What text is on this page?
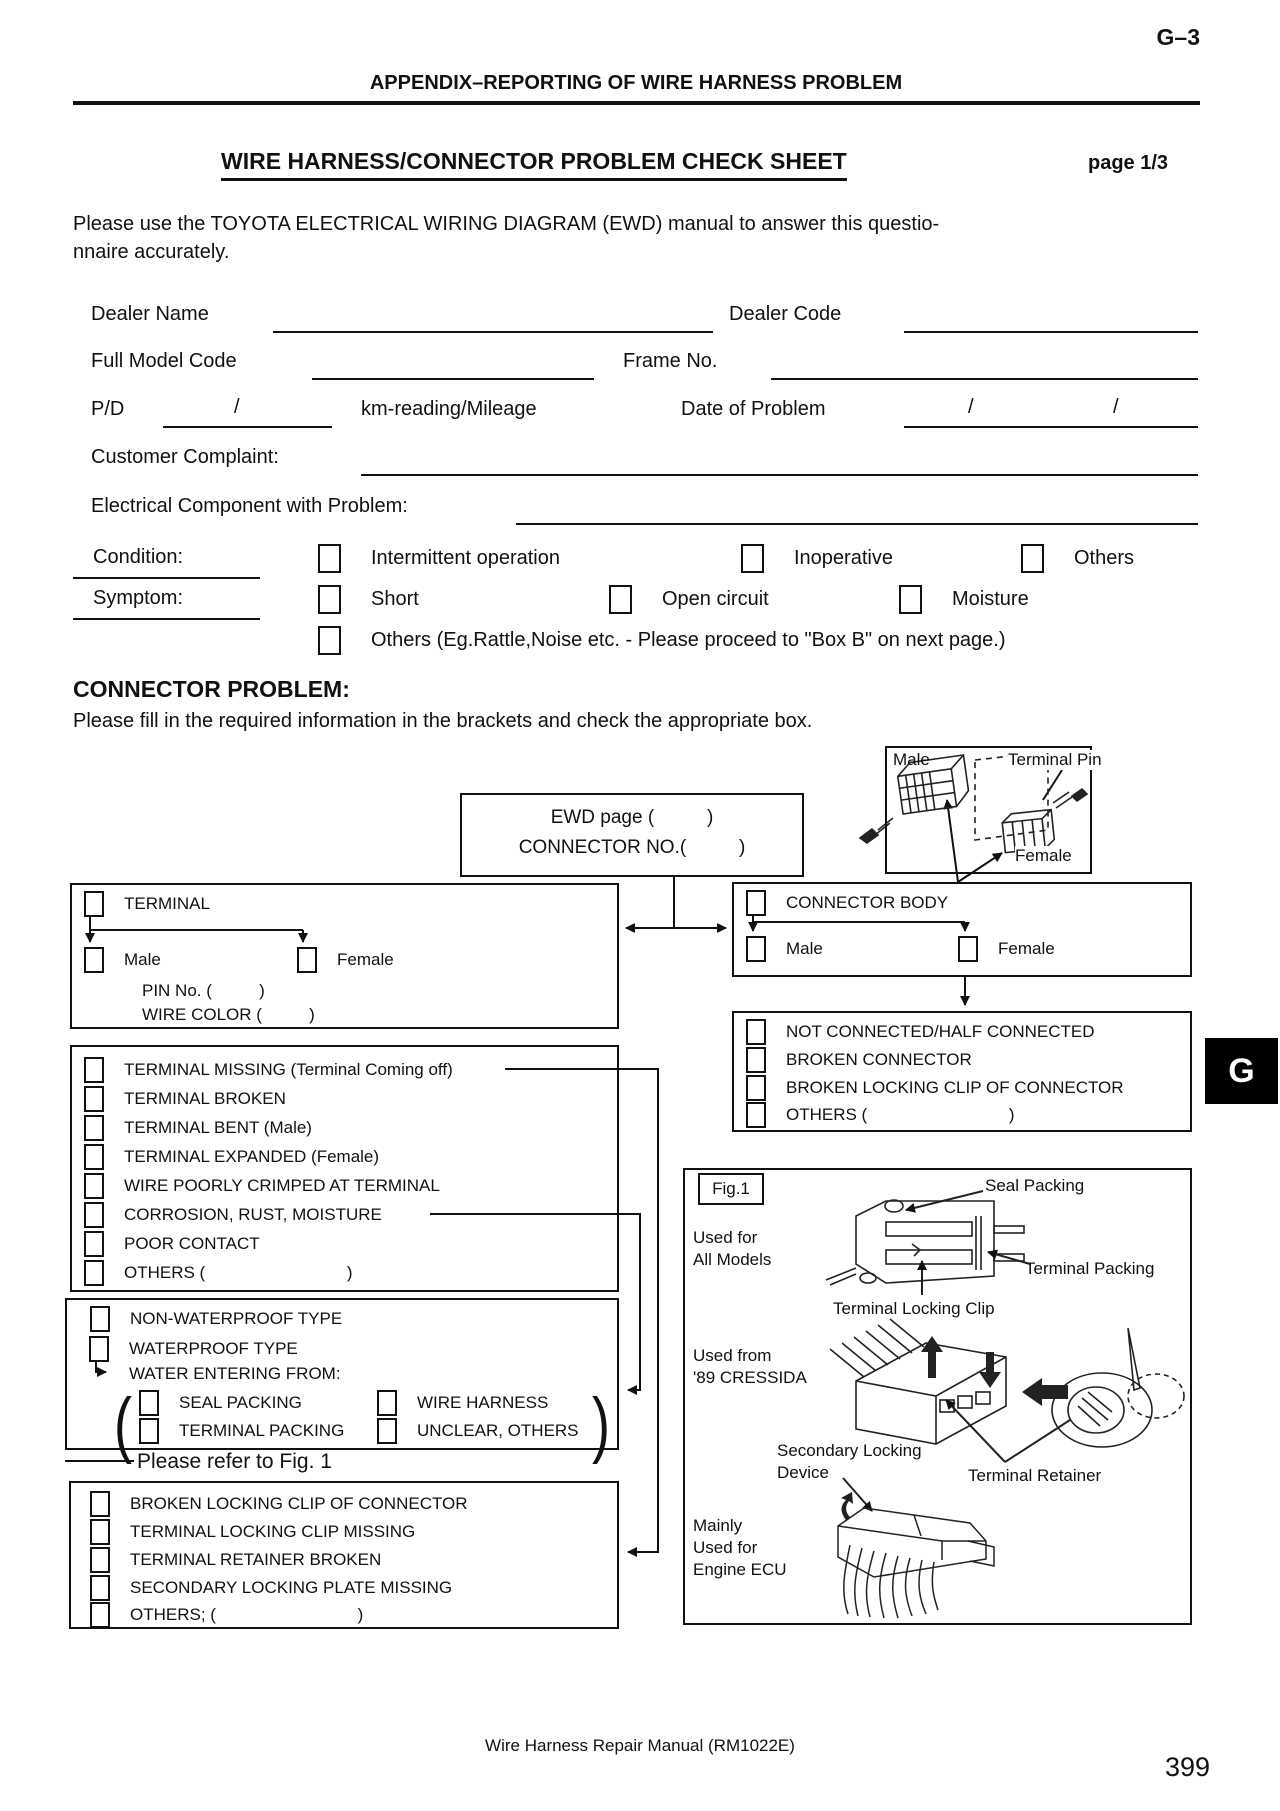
G–3
APPENDIX–REPORTING OF WIRE HARNESS PROBLEM
WIRE HARNESS/CONNECTOR PROBLEM CHECK SHEET	page 1/3
Please use the TOYOTA ELECTRICAL WIRING DIAGRAM (EWD) manual to answer this questio-
nnaire accurately.
Dealer Name	Dealer Code
Full Model Code	Frame No.
P/D	/	km-reading/Mileage	Date of Problem	/	/
Customer Complaint:
Electrical Component with Problem:
Condition:	Intermittent operation	Inoperative	Others
Symptom:	Short	Open circuit	Moisture
Others (Eg.Rattle,Noise etc. - Please proceed to "Box B" on next page.)
CONNECTOR PROBLEM:
Please fill in the required information in the brackets and check the appropriate box.
EWD page (          )
CONNECTOR NO.(          )
Male	Terminal Pin
Female
TERMINAL
Male	Female
PIN No. (          )
WIRE COLOR (          )
CONNECTOR BODY
Male	Female
NOT CONNECTED/HALF CONNECTED
BROKEN CONNECTOR
BROKEN LOCKING CLIP OF CONNECTOR
OTHERS (                              )
G
TERMINAL MISSING (Terminal Coming off)
TERMINAL BROKEN
TERMINAL BENT (Male)
TERMINAL EXPANDED (Female)
WIRE POORLY CRIMPED AT TERMINAL
CORROSION, RUST, MOISTURE
POOR CONTACT
OTHERS (                              )
NON-WATERPROOF TYPE
WATERPROOF TYPE
WATER ENTERING FROM:
(	SEAL PACKING	WIRE HARNESS
TERMINAL PACKING	UNCLEAR, OTHERS )
Please refer to Fig. 1
BROKEN LOCKING CLIP OF CONNECTOR
TERMINAL LOCKING CLIP MISSING
TERMINAL RETAINER BROKEN
SECONDARY LOCKING PLATE MISSING
OTHERS; (                              )
Fig.1	Seal Packing
Used for
All Models	Terminal Packing
Terminal Locking Clip
Used from
'89 CRESSIDA
Secondary Locking
Device	Terminal Retainer
Mainly
Used for
Engine ECU
Wire Harness Repair Manual (RM1022E)
399
